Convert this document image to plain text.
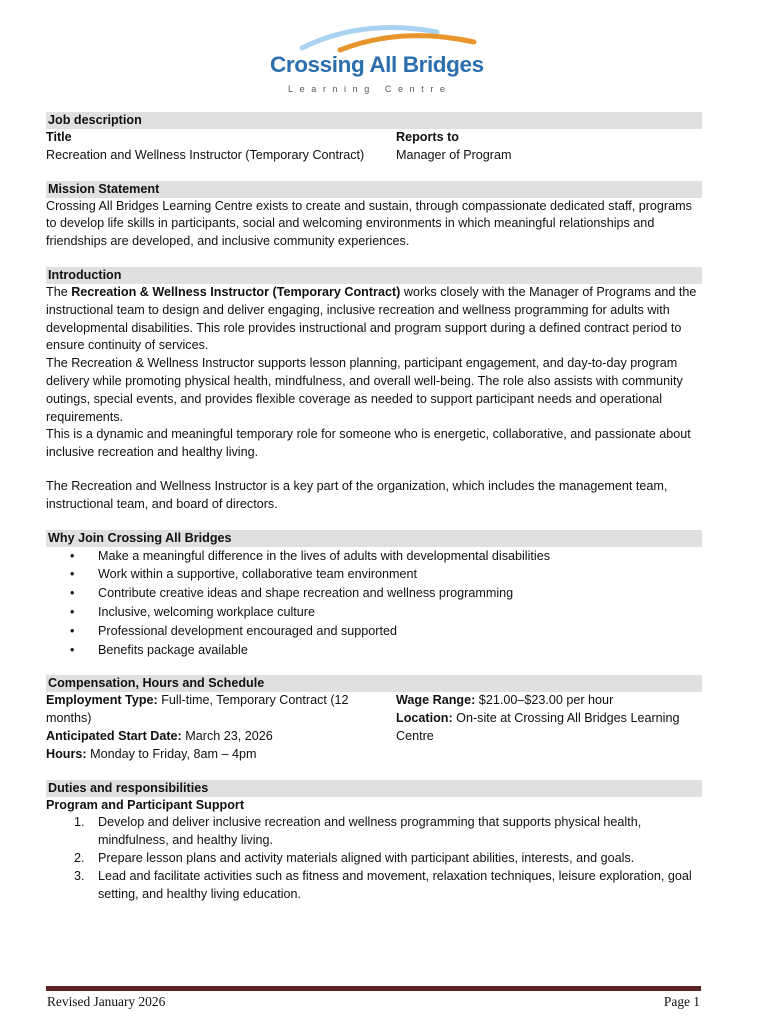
Crossing All Bridges
Learning Centre
Job description
Title
Recreation and Wellness Instructor (Temporary Contract)
Reports to
Manager of Program
Mission Statement
Crossing All Bridges Learning Centre exists to create and sustain, through compassionate dedicated staff, programs to develop life skills in participants, social and welcoming environments in which meaningful relationships and friendships are developed, and inclusive community experiences.
Introduction
The Recreation & Wellness Instructor (Temporary Contract) works closely with the Manager of Programs and the instructional team to design and deliver engaging, inclusive recreation and wellness programming for adults with developmental disabilities. This role provides instructional and program support during a defined contract period to ensure continuity of services.
The Recreation & Wellness Instructor supports lesson planning, participant engagement, and day-to-day program delivery while promoting physical health, mindfulness, and overall well-being. The role also assists with community outings, special events, and provides flexible coverage as needed to support participant needs and operational requirements.
This is a dynamic and meaningful temporary role for someone who is energetic, collaborative, and passionate about inclusive recreation and healthy living.
The Recreation and Wellness Instructor is a key part of the organization, which includes the management team, instructional team, and board of directors.
Why Join Crossing All Bridges
• Make a meaningful difference in the lives of adults with developmental disabilities
• Work within a supportive, collaborative team environment
• Contribute creative ideas and shape recreation and wellness programming
• Inclusive, welcoming workplace culture
• Professional development encouraged and supported
• Benefits package available
Compensation, Hours and Schedule
Employment Type: Full-time, Temporary Contract (12 months)
Anticipated Start Date: March 23, 2026
Hours: Monday to Friday, 8am – 4pm
Wage Range: $21.00–$23.00 per hour
Location: On-site at Crossing All Bridges Learning Centre
Duties and responsibilities
Program and Participant Support
1. Develop and deliver inclusive recreation and wellness programming that supports physical health, mindfulness, and healthy living.
2. Prepare lesson plans and activity materials aligned with participant abilities, interests, and goals.
3. Lead and facilitate activities such as fitness and movement, relaxation techniques, leisure exploration, goal setting, and healthy living education.
Revised January 2026	Page 1
